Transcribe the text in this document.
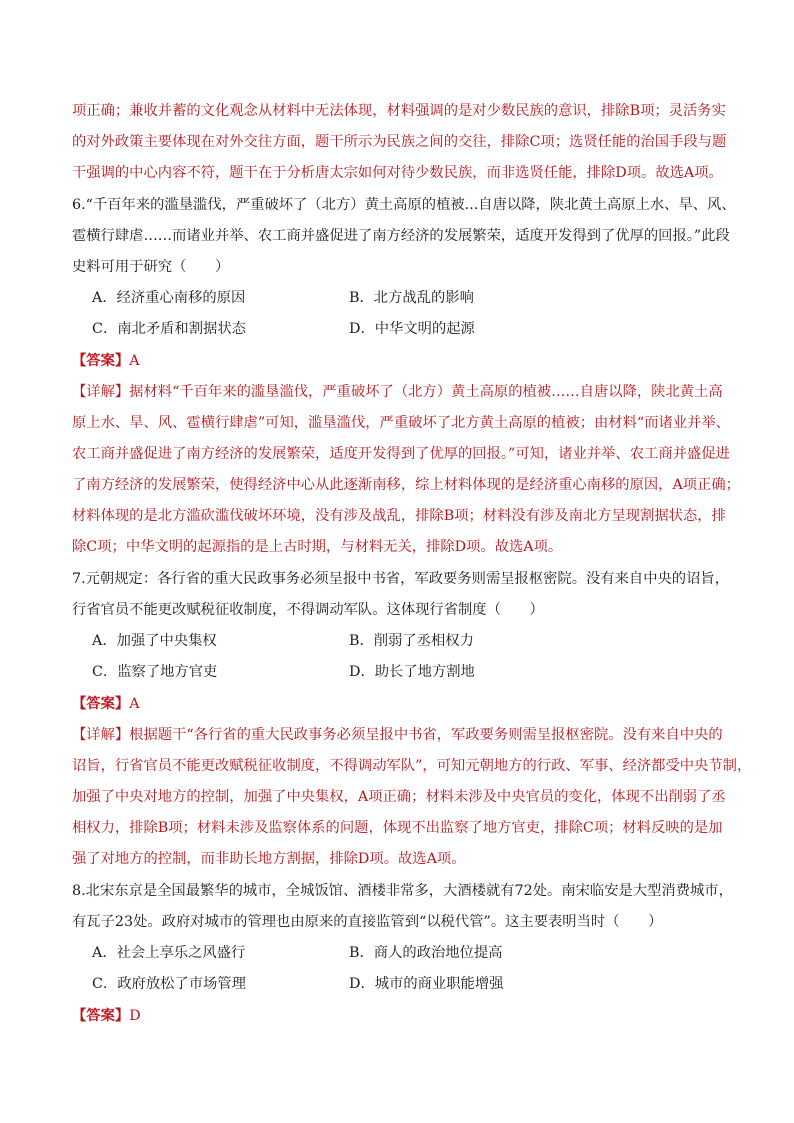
项正确；兼收并蓄的文化观念从材料中无法体现，材料强调的是对少数民族的意识，排除B项；灵活务实
的对外政策主要体现在对外交往方面，题干所示为民族之间的交往，排除C项；选贤任能的治国手段与题
干强调的中心内容不符，题干在于分析唐太宗如何对待少数民族，而非选贤任能，排除D项。故选A项。
6.“千百年来的滥垦滥伐，严重破坏了（北方）黄土高原的植被...自唐以降，陕北黄土高原上水、旱、风、
雹横行肆虐……而诸业并举、农工商并盛促进了南方经济的发展繁荣，适度开发得到了优厚的回报。”此段
史料可用于研究（　　）
A．经济重心南移的原因	B．北方战乱的影响
C．南北矛盾和割据状态	D．中华文明的起源
【答案】A
【详解】据材料“千百年来的滥垦滥伐，严重破坏了（北方）黄土高原的植被……自唐以降，陕北黄土高
原上水、旱、风、雹横行肆虐”可知，滥垦滥伐，严重破坏了北方黄土高原的植被；由材料“而诸业并举、
农工商并盛促进了南方经济的发展繁荣，适度开发得到了优厚的回报。”可知，诸业并举、农工商并盛促进
了南方经济的发展繁荣，使得经济中心从此逐渐南移，综上材料体现的是经济重心南移的原因，A项正确；
材料体现的是北方滥砍滥伐破坏环境，没有涉及战乱，排除B项；材料没有涉及南北方呈现割据状态，排
除C项；中华文明的起源指的是上古时期，与材料无关，排除D项。故选A项。
7.元朝规定：各行省的重大民政事务必须呈报中书省，军政要务则需呈报枢密院。没有来自中央的诏旨，
行省官员不能更改赋税征收制度，不得调动军队。这体现行省制度（　　）
A．加强了中央集权	B．削弱了丞相权力
C．监察了地方官吏	D．助长了地方割地
【答案】A
【详解】根据题干“各行省的重大民政事务必须呈报中书省，军政要务则需呈报枢密院。没有来自中央的
诏旨，行省官员不能更改赋税征收制度，不得调动军队”，可知元朝地方的行政、军事、经济都受中央节制，
加强了中央对地方的控制，加强了中央集权，A项正确；材料未涉及中央官员的变化，体现不出削弱了丞
相权力，排除B项；材料未涉及监察体系的问题，体现不出监察了地方官吏，排除C项；材料反映的是加
强了对地方的控制，而非助长地方割据，排除D项。故选A项。
8.北宋东京是全国最繁华的城市，全城饭馆、酒楼非常多，大酒楼就有72处。南宋临安是大型消费城市，
有瓦子23处。政府对城市的管理也由原来的直接监管到“以税代管”。这主要表明当时（　　）
A．社会上享乐之风盛行	B．商人的政治地位提高
C．政府放松了市场管理	D．城市的商业职能增强
【答案】D
